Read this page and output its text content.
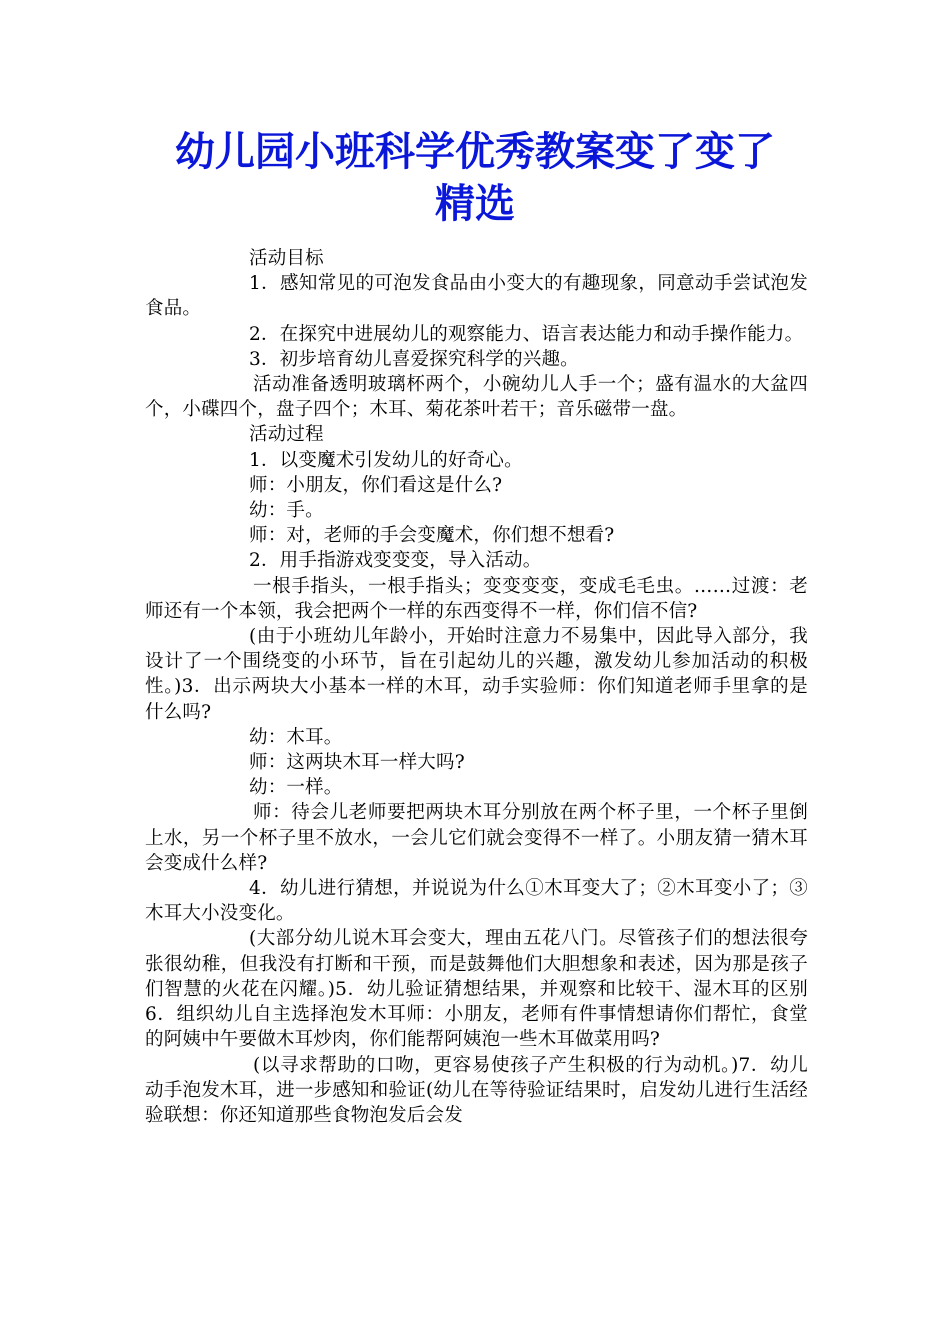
幼儿园小班科学优秀教案变了变了
精选

活动目标

1．感知常见的可泡发食品由小变大的有趣现象，同意动手尝试泡发食品。

2．在探究中进展幼儿的观察能力、语言表达能力和动手操作能力。

3．初步培育幼儿喜爱探究科学的兴趣。

活动准备透明玻璃杯两个，小碗幼儿人手一个；盛有温水的大盆四个，小碟四个，盘子四个；木耳、菊花茶叶若干；音乐磁带一盘。

活动过程

1．以变魔术引发幼儿的好奇心。

师：小朋友，你们看这是什么?

幼：手。

师：对，老师的手会变魔术，你们想不想看?

2．用手指游戏变变变，导入活动。

一根手指头，一根手指头；变变变变，变成毛毛虫。……过渡：老师还有一个本领，我会把两个一样的东西变得不一样，你们信不信?

(由于小班幼儿年龄小，开始时注意力不易集中，因此导入部分，我设计了一个围绕变的小环节，旨在引起幼儿的兴趣，激发幼儿参加活动的积极性。)3．出示两块大小基本一样的木耳，动手实验师：你们知道老师手里拿的是什么吗?

幼：木耳。

师：这两块木耳一样大吗?

幼：一样。

师：待会儿老师要把两块木耳分别放在两个杯子里，一个杯子里倒上水，另一个杯子里不放水，一会儿它们就会变得不一样了。小朋友猜一猜木耳会变成什么样?

4．幼儿进行猜想，并说说为什么①木耳变大了；②木耳变小了；③木耳大小没变化。

(大部分幼儿说木耳会变大，理由五花八门。尽管孩子们的想法很夸张很幼稚，但我没有打断和干预，而是鼓舞他们大胆想象和表述，因为那是孩子们智慧的火花在闪耀。)5．幼儿验证猜想结果，并观察和比较干、湿木耳的区别 6．组织幼儿自主选择泡发木耳师：小朋友，老师有件事情想请你们帮忙，食堂的阿姨中午要做木耳炒肉，你们能帮阿姨泡一些木耳做菜用吗?

(以寻求帮助的口吻，更容易使孩子产生积极的行为动机。)7．幼儿动手泡发木耳，进一步感知和验证(幼儿在等待验证结果时，启发幼儿进行生活经验联想：你还知道那些食物泡发后会发
